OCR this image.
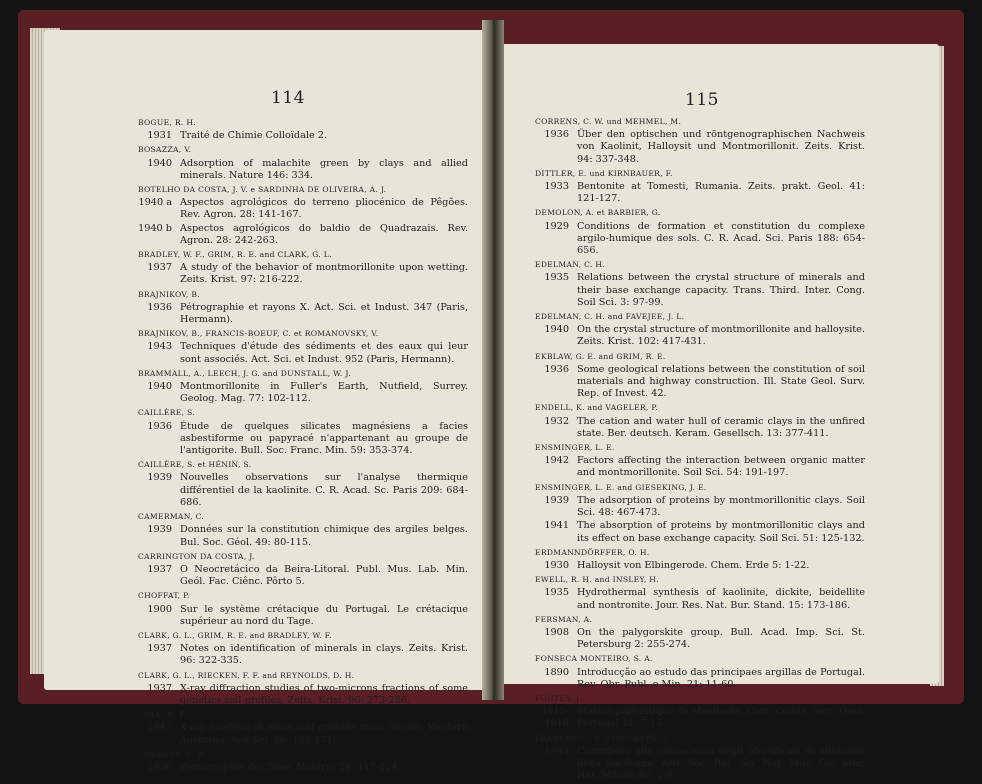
114
BOGUE, R. H.
1931 Traité de Chimie Colloïdale 2.
BOSAZZA, V.
1940 Adsorption of malachite green by clays and allied minerals. Nature 146: 334.
BOTELHO DA COSTA, J. V. e SARDINHA DE OLIVEIRA, A. J.
1940 a Aspectos agrológicos do terreno pliocénico de Pêgões. Rev. Agron. 28: 141-167.
1940 b Aspectos agrológicos do baldio de Quadrazais. Rev. Agron. 28: 242-263.
BRADLEY, W. F., GRIM, R. E. and CLARK, G. L.
1937 A study of the behavior of montmorillonite upon wetting. Zeits. Krist. 97: 216-222.
BRAJNIKOV, B.
1936 Pétrographie et rayons X. Act. Sci. et Indust. 347 (Paris, Hermann).
BRAJNIKOV, B., FRANCIS-BOEUF, C. et ROMANOVSKY, V.
1943 Techniques d'étude des sédiments et des eaux qui leur sont associés. Act. Sci. et Indust. 952 (Paris, Hermann).
BRAMMALL, A., LEECH, J. G. and DUNSTALL, W. J.
1940 Montmorillonite in Fuller's Earth, Nutfield, Surrey. Geolog. Mag. 77: 102-112.
CAILLÈRE, S.
1936 Étude de quelques silicates magnésiens a facies asbestiforme ou papyracé n'appartenant au groupe de l'antigorite. Bull. Soc. Franc. Min. 59: 353-374.
CAILLÈRE, S. et HÉNIN, S.
1939 Nouvelles observations sur l'analyse thermique différentiel de la kaolinite. C. R. Acad. Sc. Paris 209: 684-686.
CAMERMAN, C.
1939 Données sur la constitution chimique des argiles belges. Bul. Soc. Géol. 49: 80-115.
CARRINGTON DA COSTA, J.
1937 O Neocretácico da Beira-Litoral. Publ. Mus. Lab. Min. Geól. Fac. Ciênc. Pôrto 5.
CHOFFAT, P.
1900 Sur le système crétacique du Portugal. Le crétacique supérieur au nord du Tage.
CLARK, G. L., GRIM, R. E. and BRADLEY, W. F.
1937 Notes on identification of minerals in clays. Zeits. Krist. 96: 322-335.
CLARK, G. L., RIECKEN, F. F. and REYNOLDS, D. H.
1937 X-ray diffraction studies of two-microns fractions of some genetics soil profiles. Zeits. Krist. 96: 273-286.
COLE, W. F.
1943 X-ray analysis of some soil colloids from Gingin, Western Australia. Soil Sci. 56: 153-171.
CORRENS, C. W.
1936 Petrographie der Tone. Naturw. 24: 117-124.
115
CORRENS, C. W. und MEHMEL, M.
1936 Über den optischen und röntgenographischen Nachweis von Kaolinit, Halloysit und Montmorillonit. Zeits. Krist. 94: 337-348.
DITTLER, E. und KIRNBAUER, F.
1933 Bentonite at Tomesti, Rumania. Zeits. prakt. Geol. 41: 121-127.
DEMOLON, A. et BARBIER, G.
1929 Conditions de formation et constitution du complexe argilo-humique des sols. C. R. Acad. Sci. Paris 188: 654-656.
EDELMAN, C. H.
1935 Relations between the crystal structure of minerals and their base exchange capacity. Trans. Third. Inter. Cong. Soil Sci. 3: 97-99.
EDELMAN, C. H. and FAVEJEE, J. L.
1940 On the crystal structure of montmorillonite and halloysite. Zeits. Krist. 102: 417-431.
EKBLAW, G. E. and GRIM, R. E.
1936 Some geological relations between the constitution of soil materials and highway construction. Ill. State Geol. Surv. Rep. of Invest. 42.
ENDELL, K. and VAGELER, P.
1932 The cation and water hull of ceramic clays in the unfired state. Ber. deutsch. Keram. Gesellsch. 13: 377-411.
ENSMINGER, L. E.
1942 Factors affecting the interaction between organic matter and montmorillonite. Soil Sci. 54: 191-197.
ENSMINGER, L. E. and GIESEKING, J. E.
1939 The adsorption of proteins by montmorillonitic clays. Soil Sci. 48: 467-473.
1941 The absorption of proteins by montmorillonitic clays and its effect on base exchange capacity. Soil Sci. 51: 125-132.
ERDMANNDÖRFFER, O. H.
1930 Halloysit von Elbingerode. Chem. Erde 5: 1-22.
EWELL, R. H. and INSLEY, H.
1935 Hydrothermal synthesis of kaolinite, dickite, beidellite and nontronite. Jour. Res. Nat. Bur. Stand. 15: 173-186.
FERSMAN, A.
1908 On the palygorskite group. Bull. Acad. Imp. Sci. St. Petersburg 2: 255-274.
FONSECA MONTEIRO, S. A.
1890 Introducção ao estudo das principaes argillas de Portugal. Rev. Obr. Publ. e Min. 21: 11-60.
FONTES, J.
1915-1916
Station paléolitique de Mealhada. Com. Comis. Serv. Geol. Portugal 11: 7-15.
FRANCESCO, S. e GIUSEPPE, S.
1943 Contributo alla conoscenza degli idrosilicati di alluminio della Sardegna. Atti. Soc. Ital. Sci. Nat. Mus. Civ. Stor. Nat. Milano 82: 1-9.
